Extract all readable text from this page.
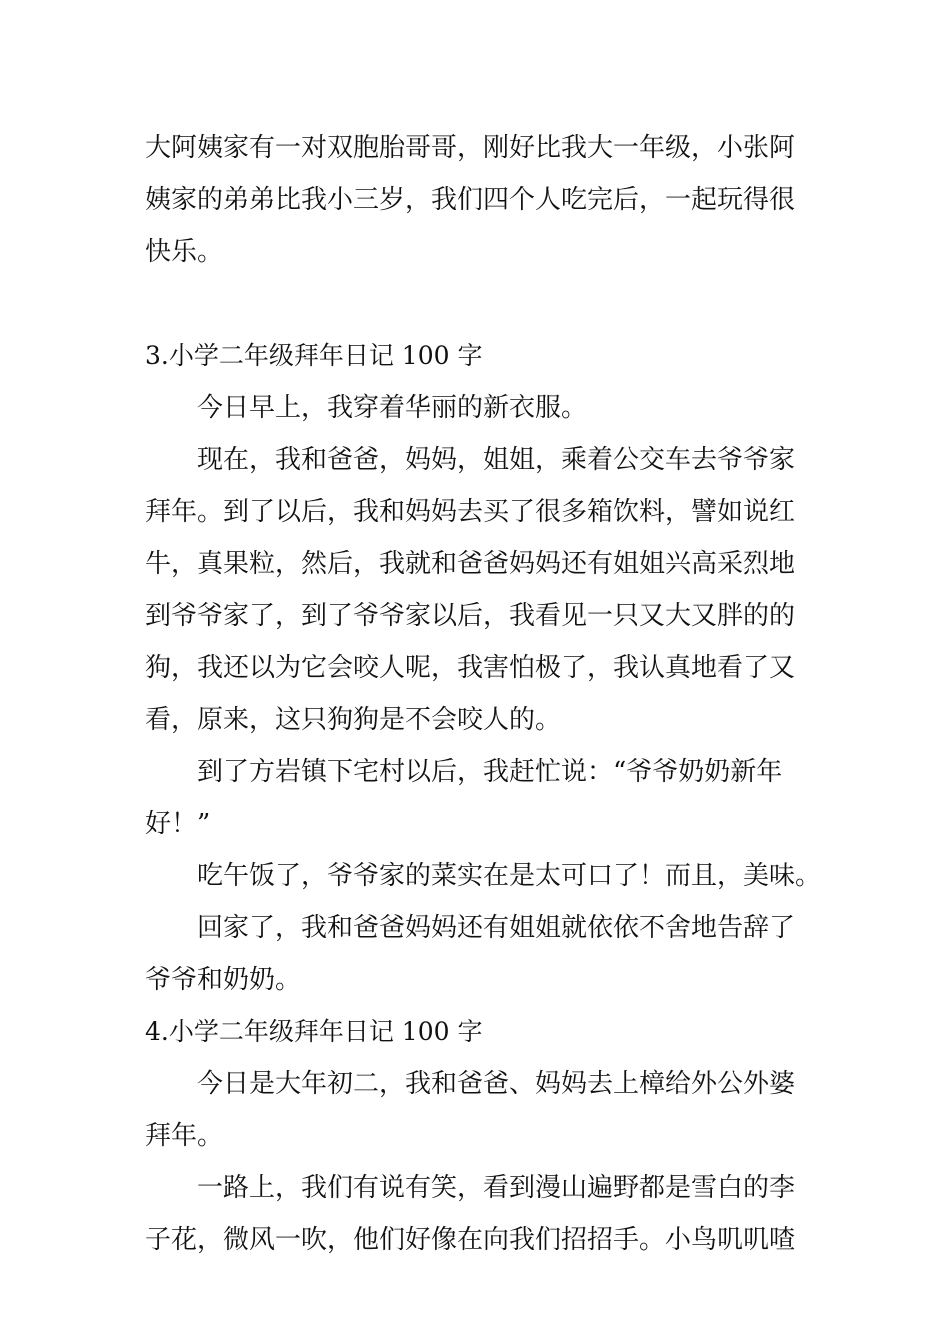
大阿姨家有一对双胞胎哥哥，刚好比我大一年级，小张阿
姨家的弟弟比我小三岁，我们四个人吃完后，一起玩得很
快乐。
3.小学二年级拜年日记 100 字
今日早上，我穿着华丽的新衣服。
现在，我和爸爸，妈妈，姐姐，乘着公交车去爷爷家
拜年。到了以后，我和妈妈去买了很多箱饮料，譬如说红
牛，真果粒，然后，我就和爸爸妈妈还有姐姐兴高采烈地
到爷爷家了，到了爷爷家以后，我看见一只又大又胖的的
狗，我还以为它会咬人呢，我害怕极了，我认真地看了又
看，原来，这只狗狗是不会咬人的。
到了方岩镇下宅村以后，我赶忙说：“爷爷奶奶新年
好！”
吃午饭了，爷爷家的菜实在是太可口了！而且，美味。
回家了，我和爸爸妈妈还有姐姐就依依不舍地告辞了
爷爷和奶奶。
4.小学二年级拜年日记 100 字
今日是大年初二，我和爸爸、妈妈去上樟给外公外婆
拜年。
一路上，我们有说有笑，看到漫山遍野都是雪白的李
子花，微风一吹，他们好像在向我们招招手。小鸟叽叽喳
